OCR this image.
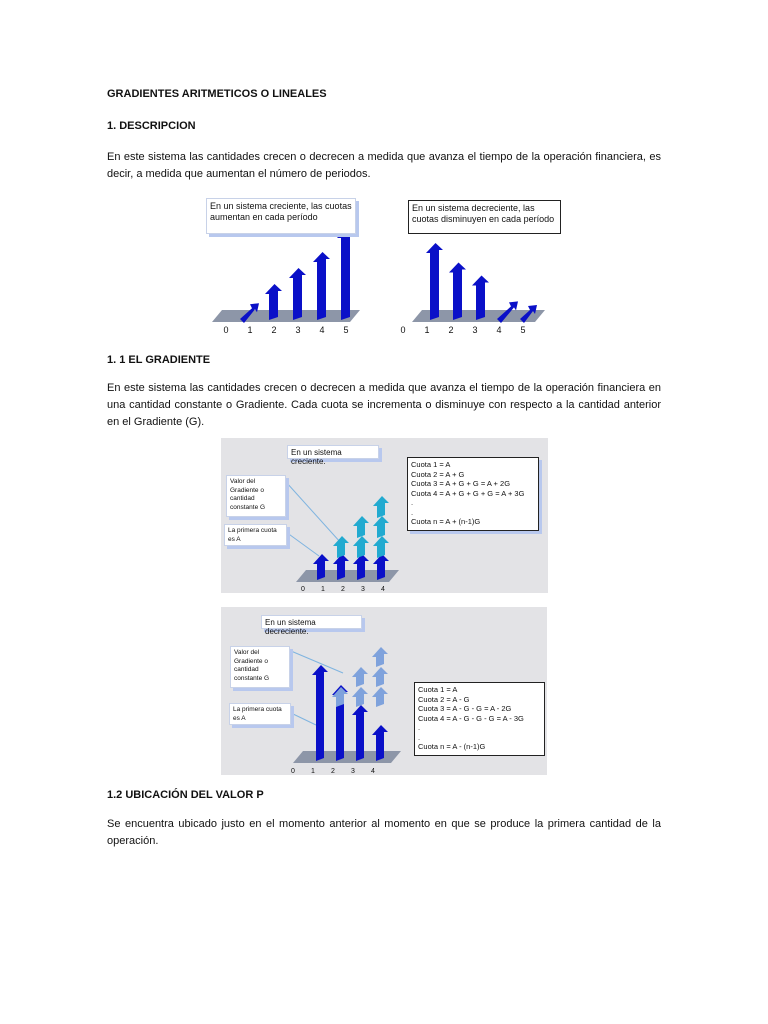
GRADIENTES ARITMETICOS O LINEALES

1. DESCRIPCION

En este sistema las cantidades crecen o decrecen a medida que avanza el tiempo de la operación financiera, es decir, a medida que aumentan el número de periodos.

0 1 2 3 4 5	0 1 2 3 4 5
En un sistema creciente, las cuotas aumentan en cada período
En un sistema decreciente, las cuotas disminuyen en cada período

1. 1 EL GRADIENTE

En este sistema las cantidades crecen o decrecen a medida que avanza el tiempo de la operación financiera en una cantidad constante o Gradiente. Cada cuota se incrementa o disminuye con respecto a la cantidad anterior en el Gradiente (G).

0 1 2 3 4
En un sistema creciente.
Valor del Gradiente o cantidad constante G
La primera cuota es A
Cuota 1 = A
Cuota 2 = A + G
Cuota 3 = A + G + G = A + 2G
Cuota 4 = A + G + G + G = A + 3G
.
.
Cuota n = A + (n-1)G
0 1 2 3 4
En un sistema decreciente.
Valor del Gradiente o cantidad constante G
La primera cuota es A
Cuota 1 = A
Cuota 2 = A - G
Cuota 3 = A - G - G = A - 2G
Cuota 4 = A - G - G - G = A - 3G
.
.
Cuota n = A - (n-1)G

1.2 UBICACIÓN DEL VALOR P

Se encuentra ubicado justo en el momento anterior al momento en que se produce la primera cantidad de la operación.
